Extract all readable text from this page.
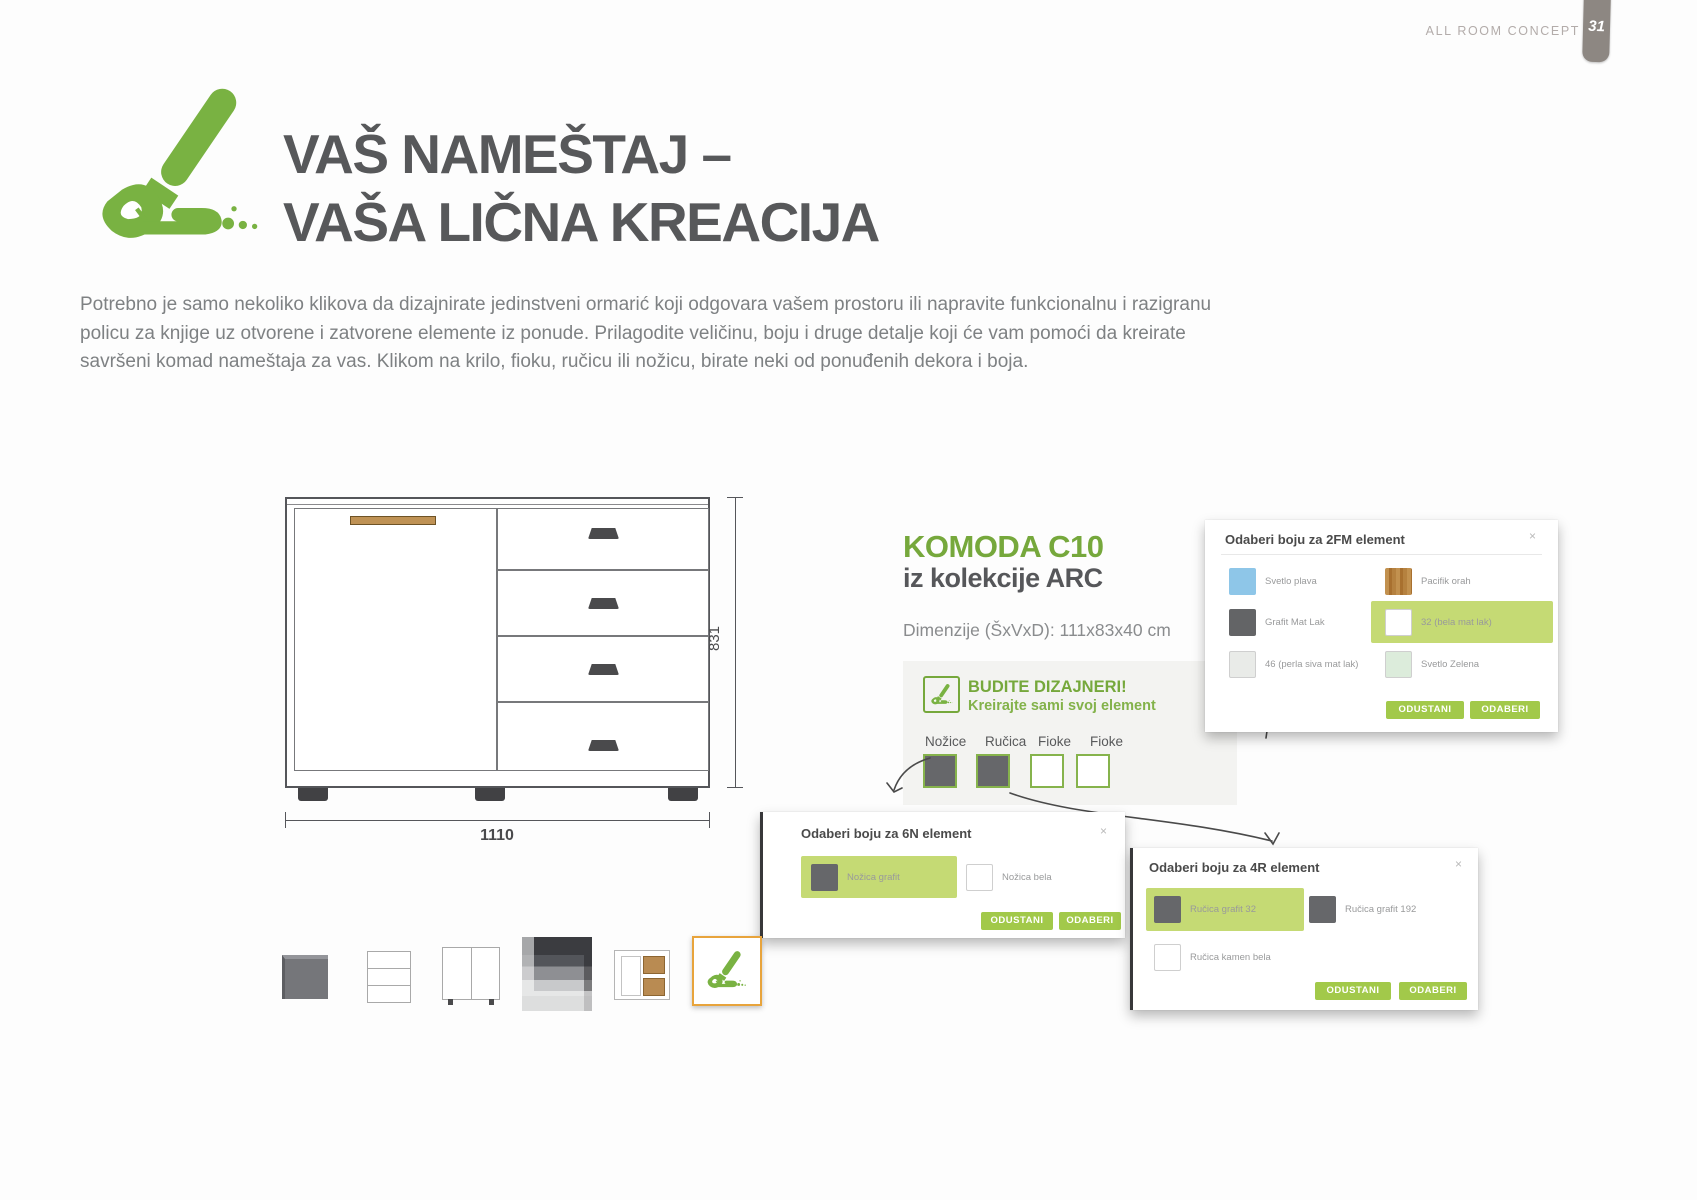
ALL ROOM CONCEPT 31
VAŠ NAMEŠTAJ –
VAŠA LIČNA KREACIJA

Potrebno je samo nekoliko klikova da dizajnirate jedinstveni ormarić koji odgovara vašem prostoru ili napravite funkcionalnu i razigranu policu za knjige uz otvorene i zatvorene elemente iz ponude. Prilagodite veličinu, boju i druge detalje koji će vam pomoći da kreirate savršeni komad nameštaja za vas. Klikom na krilo, fioku, ručicu ili nožicu, birate neki od ponuđenih dekora i boja.

831
1110
KOMODA C10
iz kolekcije ARC
Dimenzije (ŠxVxD): 111x83x40 cm
BUDITE DIZAJNERI!
Kreirajte sami svoj element
Nožice Ručica Fioke Fioke
Odaberi boju za 2FM element	×
Svetlo plava	Pacifik orah
Grafit Mat Lak	32 (bela mat lak)
46 (perla siva mat lak)	Svetlo Zelena
ODUSTANI	ODABERI
Odaberi boju za 6N element	×
Nožica grafit	Nožica bela
ODUSTANI	ODABERI
Odaberi boju za 4R element	×
Ručica grafit 32	Ručica grafit 192
Ručica kamen bela
ODUSTANI	ODABERI
